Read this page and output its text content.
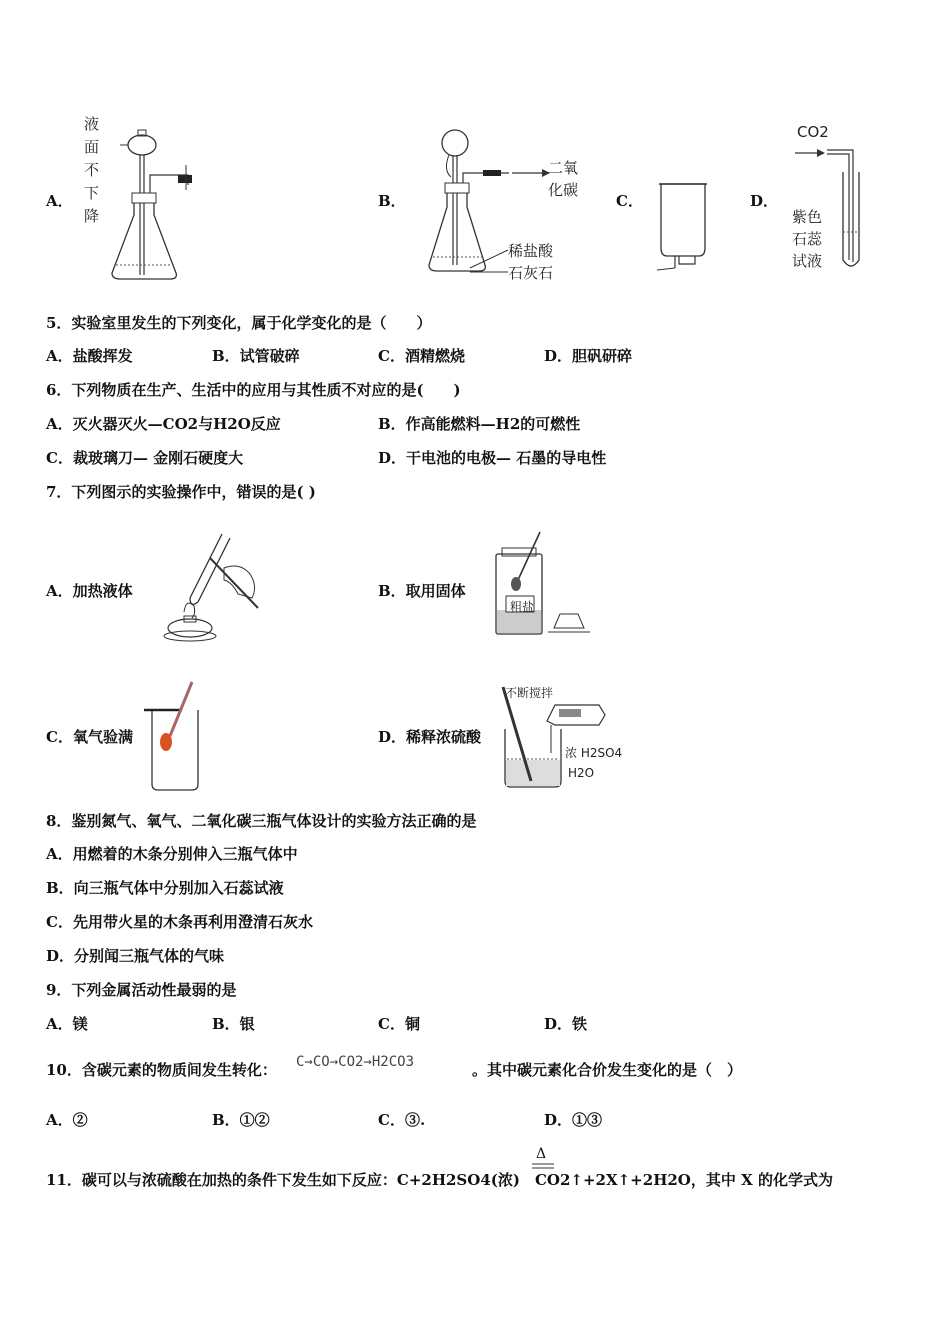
A．
液面不下降
B．
二氧化碳
稀盐酸
石灰石
C．	D．
CO2
紫色石蕊试液
5．实验室里发生的下列变化，属于化学变化的是（　　）
A．盐酸挥发	B．试管破碎	C．酒精燃烧	D．胆矾研碎
6．下列物质在生产、生活中的应用与其性质不对应的是(　　)
A．灭火器灭火—CO2与H2O反应	B．作高能燃料—H2的可燃性
C．裁玻璃刀— 金刚石硬度大	D．干电池的电极— 石墨的导电性
7．下列图示的实验操作中，错误的是( )
A．加热液体	B．取用固体
粗盐
C．氧气验满	D．稀释浓硫酸
不断搅拌
浓 H2SO4
H2O
8．鉴别氮气、氧气、二氧化碳三瓶气体设计的实验方法正确的是
A．用燃着的木条分别伸入三瓶气体中
B．向三瓶气体中分别加入石蕊试液
C．先用带火星的木条再利用澄清石灰水
D．分别闻三瓶气体的气味
9．下列金属活动性最弱的是
A．镁	B．银	C．铜	D．铁
10．含碳元素的物质间发生转化： C→CO→CO2→H2CO3	。其中碳元素化合价发生变化的是（　）
A．②	B．①②	C．③.	D．①③
Δ
11．碳可以与浓硫酸在加热的条件下发生如下反应：C+2H2SO4(浓)　CO2↑+2X↑+2H2O，其中 X 的化学式为
